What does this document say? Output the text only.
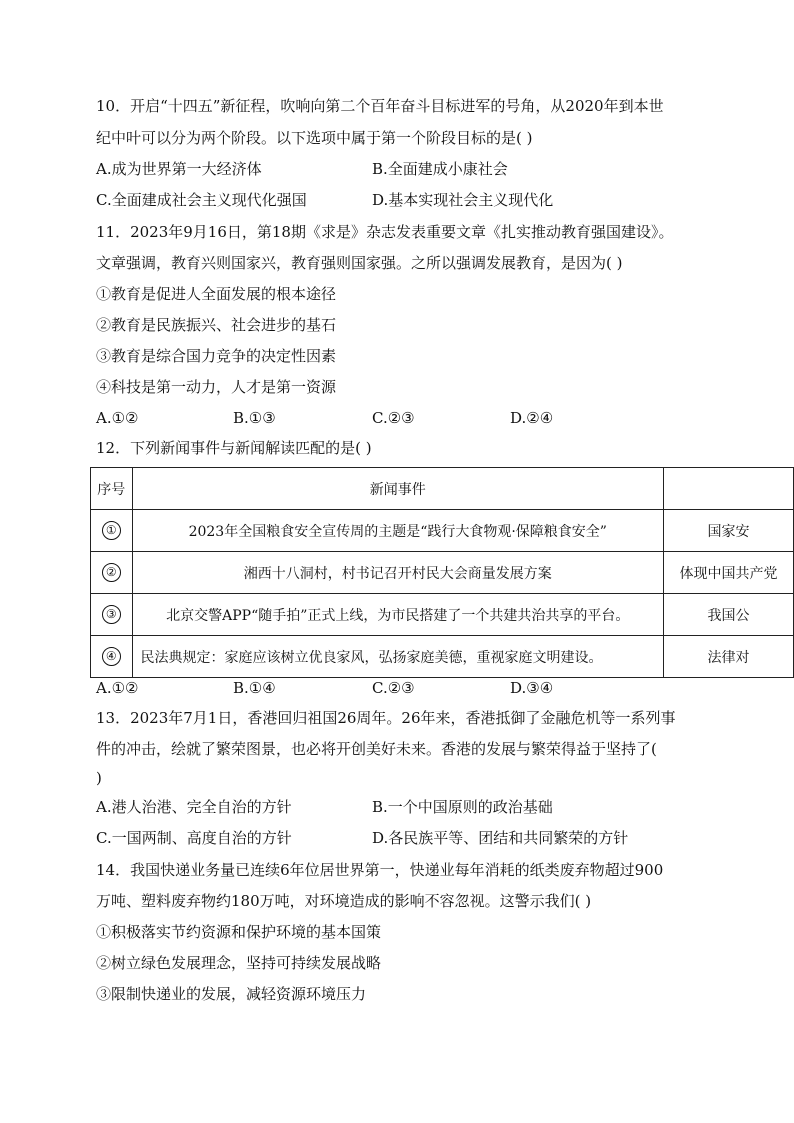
10．开启“十四五”新征程，吹响向第二个百年奋斗目标进军的号角，从2020年到本世
纪中叶可以分为两个阶段。以下选项中属于第一个阶段目标的是( )
A.成为世界第一大经济体	B.全面建成小康社会
C.全面建成社会主义现代化强国	D.基本实现社会主义现代化
11．2023年9月16日，第18期《求是》杂志发表重要文章《扎实推动教育强国建设》。
文章强调，教育兴则国家兴，教育强则国家强。之所以强调发展教育，是因为( )
①教育是促进人全面发展的根本途径
②教育是民族振兴、社会进步的基石
③教育是综合国力竞争的决定性因素
④科技是第一动力，人才是第一资源
A.①②	B.①③	C.②③	D.②④
12．下列新闻事件与新闻解读匹配的是( )
序号	新闻事件	
①	2023年全国粮食安全宣传周的主题是“践行大食物观·保障粮食安全”	国家安
②	湘西十八洞村，村书记召开村民大会商量发展方案	体现中国共产党
③	北京交警APP“随手拍”正式上线，为市民搭建了一个共建共治共享的平台。	我国公
④	民法典规定：家庭应该树立优良家风，弘扬家庭美德，重视家庭文明建设。	法律对
A.①②	B.①④	C.②③	D.③④
13．2023年7月1日，香港回归祖国26周年。26年来，香港抵御了金融危机等一系列事
件的冲击，绘就了繁荣图景，也必将开创美好未来。香港的发展与繁荣得益于坚持了(
)
A.港人治港、完全自治的方针	B.一个中国原则的政治基础
C.一国两制、高度自治的方针	D.各民族平等、团结和共同繁荣的方针
14．我国快递业务量已连续6年位居世界第一，快递业每年消耗的纸类废弃物超过900
万吨、塑料废弃物约180万吨，对环境造成的影响不容忽视。这警示我们( )
①积极落实节约资源和保护环境的基本国策
②树立绿色发展理念，坚持可持续发展战略
③限制快递业的发展，减轻资源环境压力
